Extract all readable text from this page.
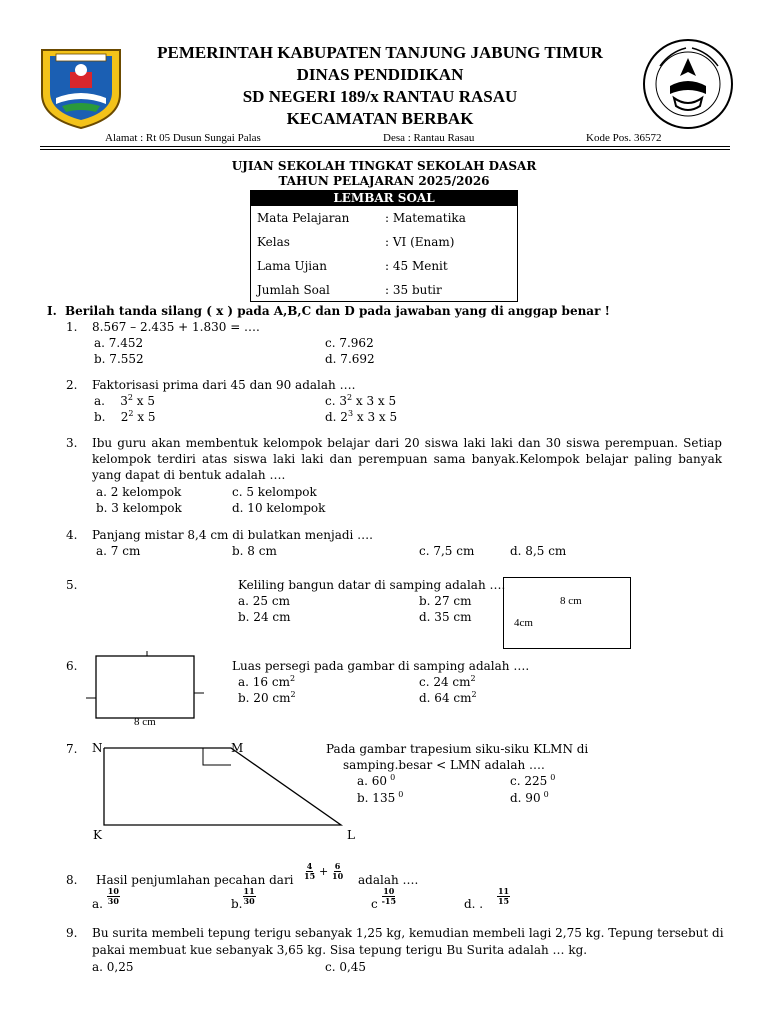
PEMERINTAH KABUPATEN TANJUNG JABUNG TIMUR
DINAS PENDIDIKAN
SD NEGERI 189/x RANTAU RASAU
KECAMATAN BERBAK
Alamat : Rt 05 Dusun Sungai Palas	Desa : Rantau Rasau	Kode Pos. 36572
UJIAN SEKOLAH TINGKAT SEKOLAH DASAR
TAHUN PELAJARAN 2025/2026
LEMBAR SOAL
Mata Pelajaran	: Matematika
Kelas	: VI (Enam)
Lama Ujian	: 45 Menit
Jumlah Soal	: 35 butir
I. Berilah tanda silang ( x ) pada A,B,C dan D pada jawaban yang di anggap benar !
1. 8.567 – 2.435 + 1.830 = ….
a. 7.452
b. 7.552
c. 7.962
d. 7.692
2. Faktorisasi prima dari 45 dan 90 adalah ….
a. $3^2$ x 5
b. $2^2$ x 5
c. $3^2$ x 3 x 5
d. $2^3$ x 3 x 5
3. Ibu guru akan membentuk kelompok belajar dari 20 siswa laki laki dan 30 siswa perempuan. Setiap
kelompok terdiri atas siswa laki laki dan perempuan sama banyak.Kelompok belajar paling banyak
yang dapat di bentuk adalah ….
a. 2 kelompok
b. 3 kelompok
c. 5 kelompok
d. 10 kelompok
4. Panjang mistar 8,4 cm di bulatkan menjadi ….
a. 7 cm	b. 8 cm	c. 7,5 cm	d. 8,5 cm
5.	Keliling bangun datar di samping adalah ….
a. 25 cm
b. 24 cm
b. 27 cm
d. 35 cm
8 cm
4cm
6.
8 cm
Luas persegi pada gambar di samping adalah ….
a. 16 $cm^2$
b. 20 $cm^2$
c. 24 $cm^2$
d. 64 $cm^2$
7. N	M
K	L
Pada gambar trapesium siku-siku KLMN di
samping.besar < LMN adalah ….
a. 60 $^0$
b. 135 $^0$
c. 225 $^0$
d. 90 $^0$
8. Hasil penjumlahan pecahan dari $\frac{4}{15} + \frac{6}{10}$ adalah ….
a. $\frac{10}{30}$	b. $\frac{11}{30}$	c $\frac{10}{-15}$	d. . $\frac{11}{15}$
9. Bu surita membeli tepung terigu sebanyak 1,25 kg, kemudian membeli lagi 2,75 kg. Tepung tersebut di
pakai membuat kue sebanyak 3,65 kg. Sisa tepung terigu Bu Surita adalah … kg.
a. 0,25	c. 0,45
